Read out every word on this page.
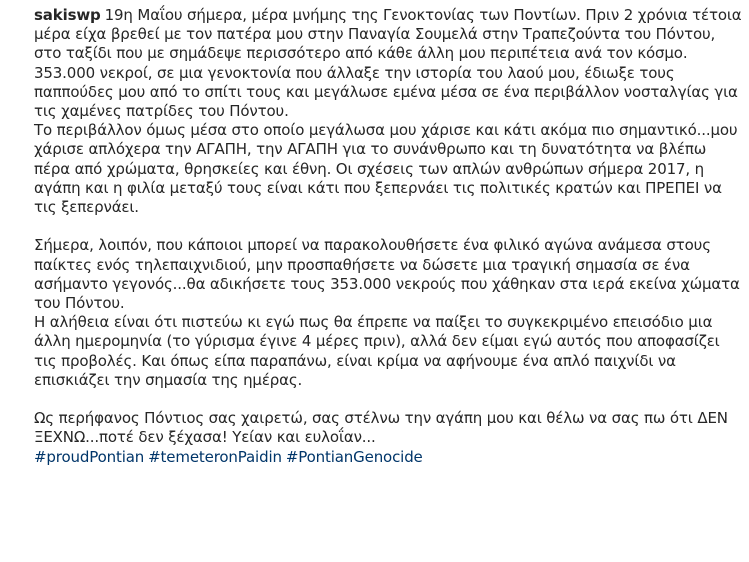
sakiswp 19η Μαΐου σήμερα, μέρα μνήμης της Γενοκτονίας των Ποντίων. Πριν 2 χρόνια τέτοια μέρα είχα βρεθεί με τον πατέρα μου στην Παναγία Σουμελά στην Τραπεζούντα του Πόντου, στο ταξίδι που με σημάδεψε περισσότερο από κάθε άλλη μου περιπέτεια ανά τον κόσμο.

353.000 νεκροί, σε μια γενοκτονία που άλλαξε την ιστορία του λαού μου, έδιωξε τους παππούδες μου από το σπίτι τους και μεγάλωσε εμένα μέσα σε ένα περιβάλλον νοσταλγίας για τις χαμένες πατρίδες του Πόντου.

Το περιβάλλον όμως μέσα στο οποίο μεγάλωσα μου χάρισε και κάτι ακόμα πιο σημαντικό...μου χάρισε απλόχερα την ΑΓΑΠΗ, την ΑΓΑΠΗ για το συνάνθρωπο και τη δυνατότητα να βλέπω πέρα από χρώματα, θρησκείες και έθνη. Οι σχέσεις των απλών ανθρώπων σήμερα 2017, η αγάπη και η φιλία μεταξύ τους είναι κάτι που ξεπερνάει τις πολιτικές κρατών και ΠΡΕΠΕΙ να τις ξεπερνάει.

Σήμερα, λοιπόν, που κάποιοι μπορεί να παρακολουθήσετε ένα φιλικό αγώνα ανάμεσα στους παίκτες ενός τηλεπαιχνιδιού, μην προσπαθήσετε να δώσετε μια τραγική σημασία σε ένα ασήμαντο γεγονός...θα αδικήσετε τους 353.000 νεκρούς που χάθηκαν στα ιερά εκείνα χώματα του Πόντου.

Η αλήθεια είναι ότι πιστεύω κι εγώ πως θα έπρεπε να παίξει το συγκεκριμένο επεισόδιο μια άλλη ημερομηνία (το γύρισμα έγινε 4 μέρες πριν), αλλά δεν είμαι εγώ αυτός που αποφασίζει τις προβολές. Και όπως είπα παραπάνω, είναι κρίμα να αφήνουμε ένα απλό παιχνίδι να επισκιάζει την σημασία της ημέρας.

Ως περήφανος Πόντιος σας χαιρετώ, σας στέλνω την αγάπη μου και θέλω να σας πω ότι ΔΕΝ ΞΕΧΝΩ...ποτέ δεν ξέχασα! Υείαν και ευλοΐαν...

#proudPontian #temeteronPaidin #PontianGenocide
